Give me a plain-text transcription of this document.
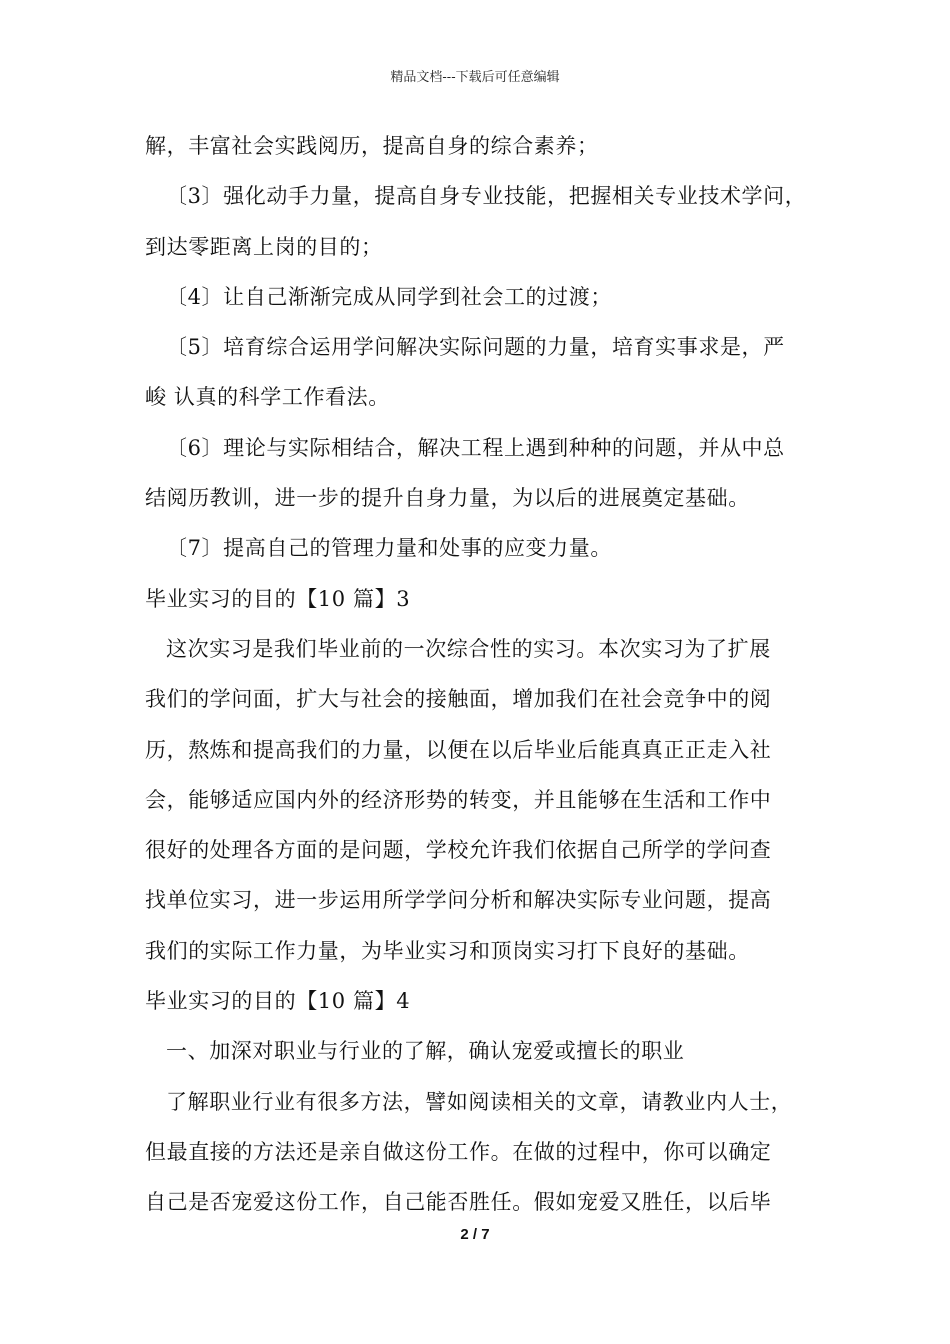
精品文档---下载后可任意编辑
解，丰富社会实践阅历，提高自身的综合素养；
〔3〕强化动手力量，提高自身专业技能，把握相关专业技术学问，
到达零距离上岗的目的；
〔4〕让自己渐渐完成从同学到社会工的过渡；
〔5〕培育综合运用学问解决实际问题的力量，培育实事求是，严
峻 认真的科学工作看法。
〔6〕理论与实际相结合，解决工程上遇到种种的问题，并从中总
结阅历教训，进一步的提升自身力量，为以后的进展奠定基础。
〔7〕提高自己的管理力量和处事的应变力量。
毕业实习的目的【10 篇】3
这次实习是我们毕业前的一次综合性的实习。本次实习为了扩展
我们的学问面，扩大与社会的接触面，增加我们在社会竞争中的阅
历，熬炼和提高我们的力量，以便在以后毕业后能真真正正走入社
会，能够适应国内外的经济形势的转变，并且能够在生活和工作中
很好的处理各方面的是问题，学校允许我们依据自己所学的学问查
找单位实习，进一步运用所学学问分析和解决实际专业问题，提高
我们的实际工作力量，为毕业实习和顶岗实习打下良好的基础。
毕业实习的目的【10 篇】4
一、加深对职业与行业的了解，确认宠爱或擅长的职业
了解职业行业有很多方法，譬如阅读相关的文章，请教业内人士，
但最直接的方法还是亲自做这份工作。在做的过程中，你可以确定
自己是否宠爱这份工作，自己能否胜任。假如宠爱又胜任，以后毕
2 / 7
